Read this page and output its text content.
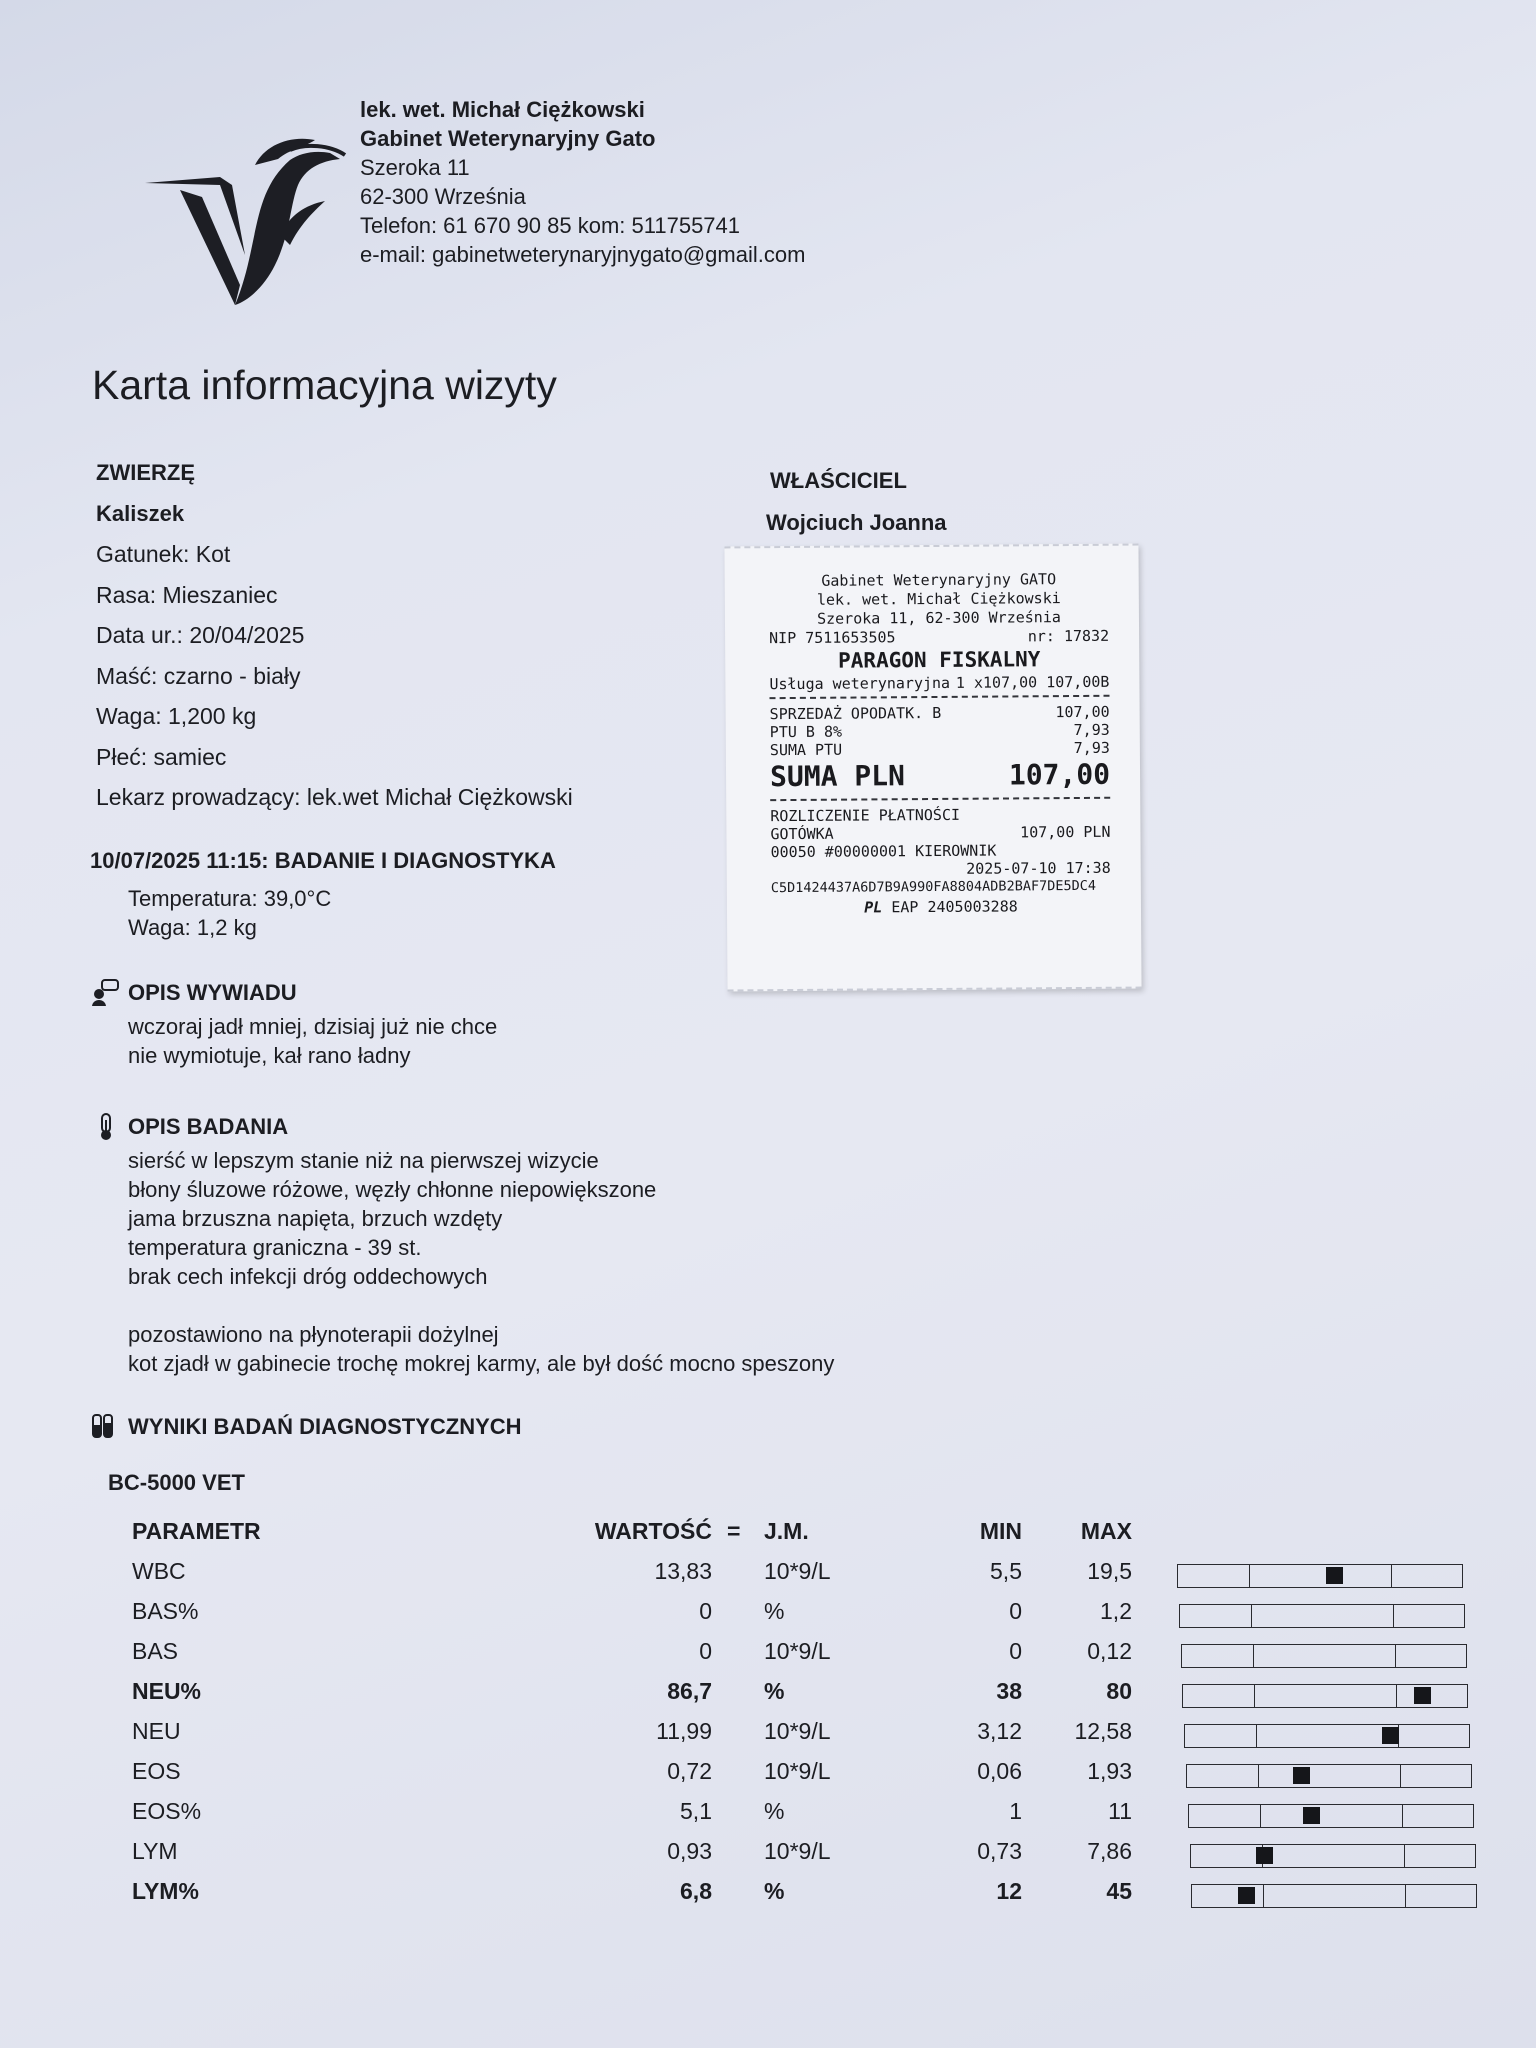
lek. wet. Michał Ciężkowski
Gabinet Weterynaryjny Gato
Szeroka 11
62-300 Września
Telefon: 61 670 90 85 kom: 511755741
e-mail: gabinetweterynaryjnygato@gmail.com
Karta informacyjna wizyty
ZWIERZĘ
Kaliszek
Gatunek: Kot
Rasa: Mieszaniec
Data ur.: 20/04/2025
Maść: czarno - biały
Waga: 1,200 kg
Płeć: samiec
Lekarz prowadzący: lek.wet Michał Ciężkowski
WŁAŚCICIEL
Wojciuch Joanna
10/07/2025 11:15: BADANIE I DIAGNOSTYKA
Temperatura: 39,0°C
Waga: 1,2 kg
OPIS WYWIADU
wczoraj jadł mniej, dzisiaj już nie chce
nie wymiotuje, kał rano ładny
OPIS BADANIA
sierść w lepszym stanie niż na pierwszej wizycie
błony śluzowe różowe, węzły chłonne niepowiększone
jama brzuszna napięta, brzuch wzdęty
temperatura graniczna - 39 st.
brak cech infekcji dróg oddechowych
pozostawiono na płynoterapii dożylnej
kot zjadł w gabinecie trochę mokrej karmy, ale był dość mocno speszony
WYNIKI BADAŃ DIAGNOSTYCZNYCH
BC-5000 VET
PARAMETR	WARTOŚĆ = J.M.	MIN	MAX
WBC	13,83 10*9/L	5,5	19,5
BAS%	0 %	0	1,2
BAS	0 10*9/L	0	0,12
NEU%	86,7 %	38	80
NEU	11,99 10*9/L	3,12	12,58
EOS	0,72 10*9/L	0,06	1,93
EOS%	5,1 %	1	11
LYM	0,93 10*9/L	0,73	7,86
LYM%	6,8 %	12	45
Gabinet Weterynaryjny GATO
lek. wet. Michał Ciężkowski
Szeroka 11, 62-300 Września
NIP 7511653505	nr: 17832
PARAGON FISKALNY
Usługa weterynaryjna 1 x107,00 107,00B
SPRZEDAŻ OPODATK. B	107,00
PTU B 8%	7,93
SUMA PTU	7,93
SUMA PLN	107,00
ROZLICZENIE PŁATNOŚCI
GOTÓWKA	107,00 PLN
00050 #00000001 KIEROWNIK
2025-07-10 17:38
C5D1424437A6D7B9A990FA8804ADB2BAF7DE5DC4
PL EAP 2405003288
